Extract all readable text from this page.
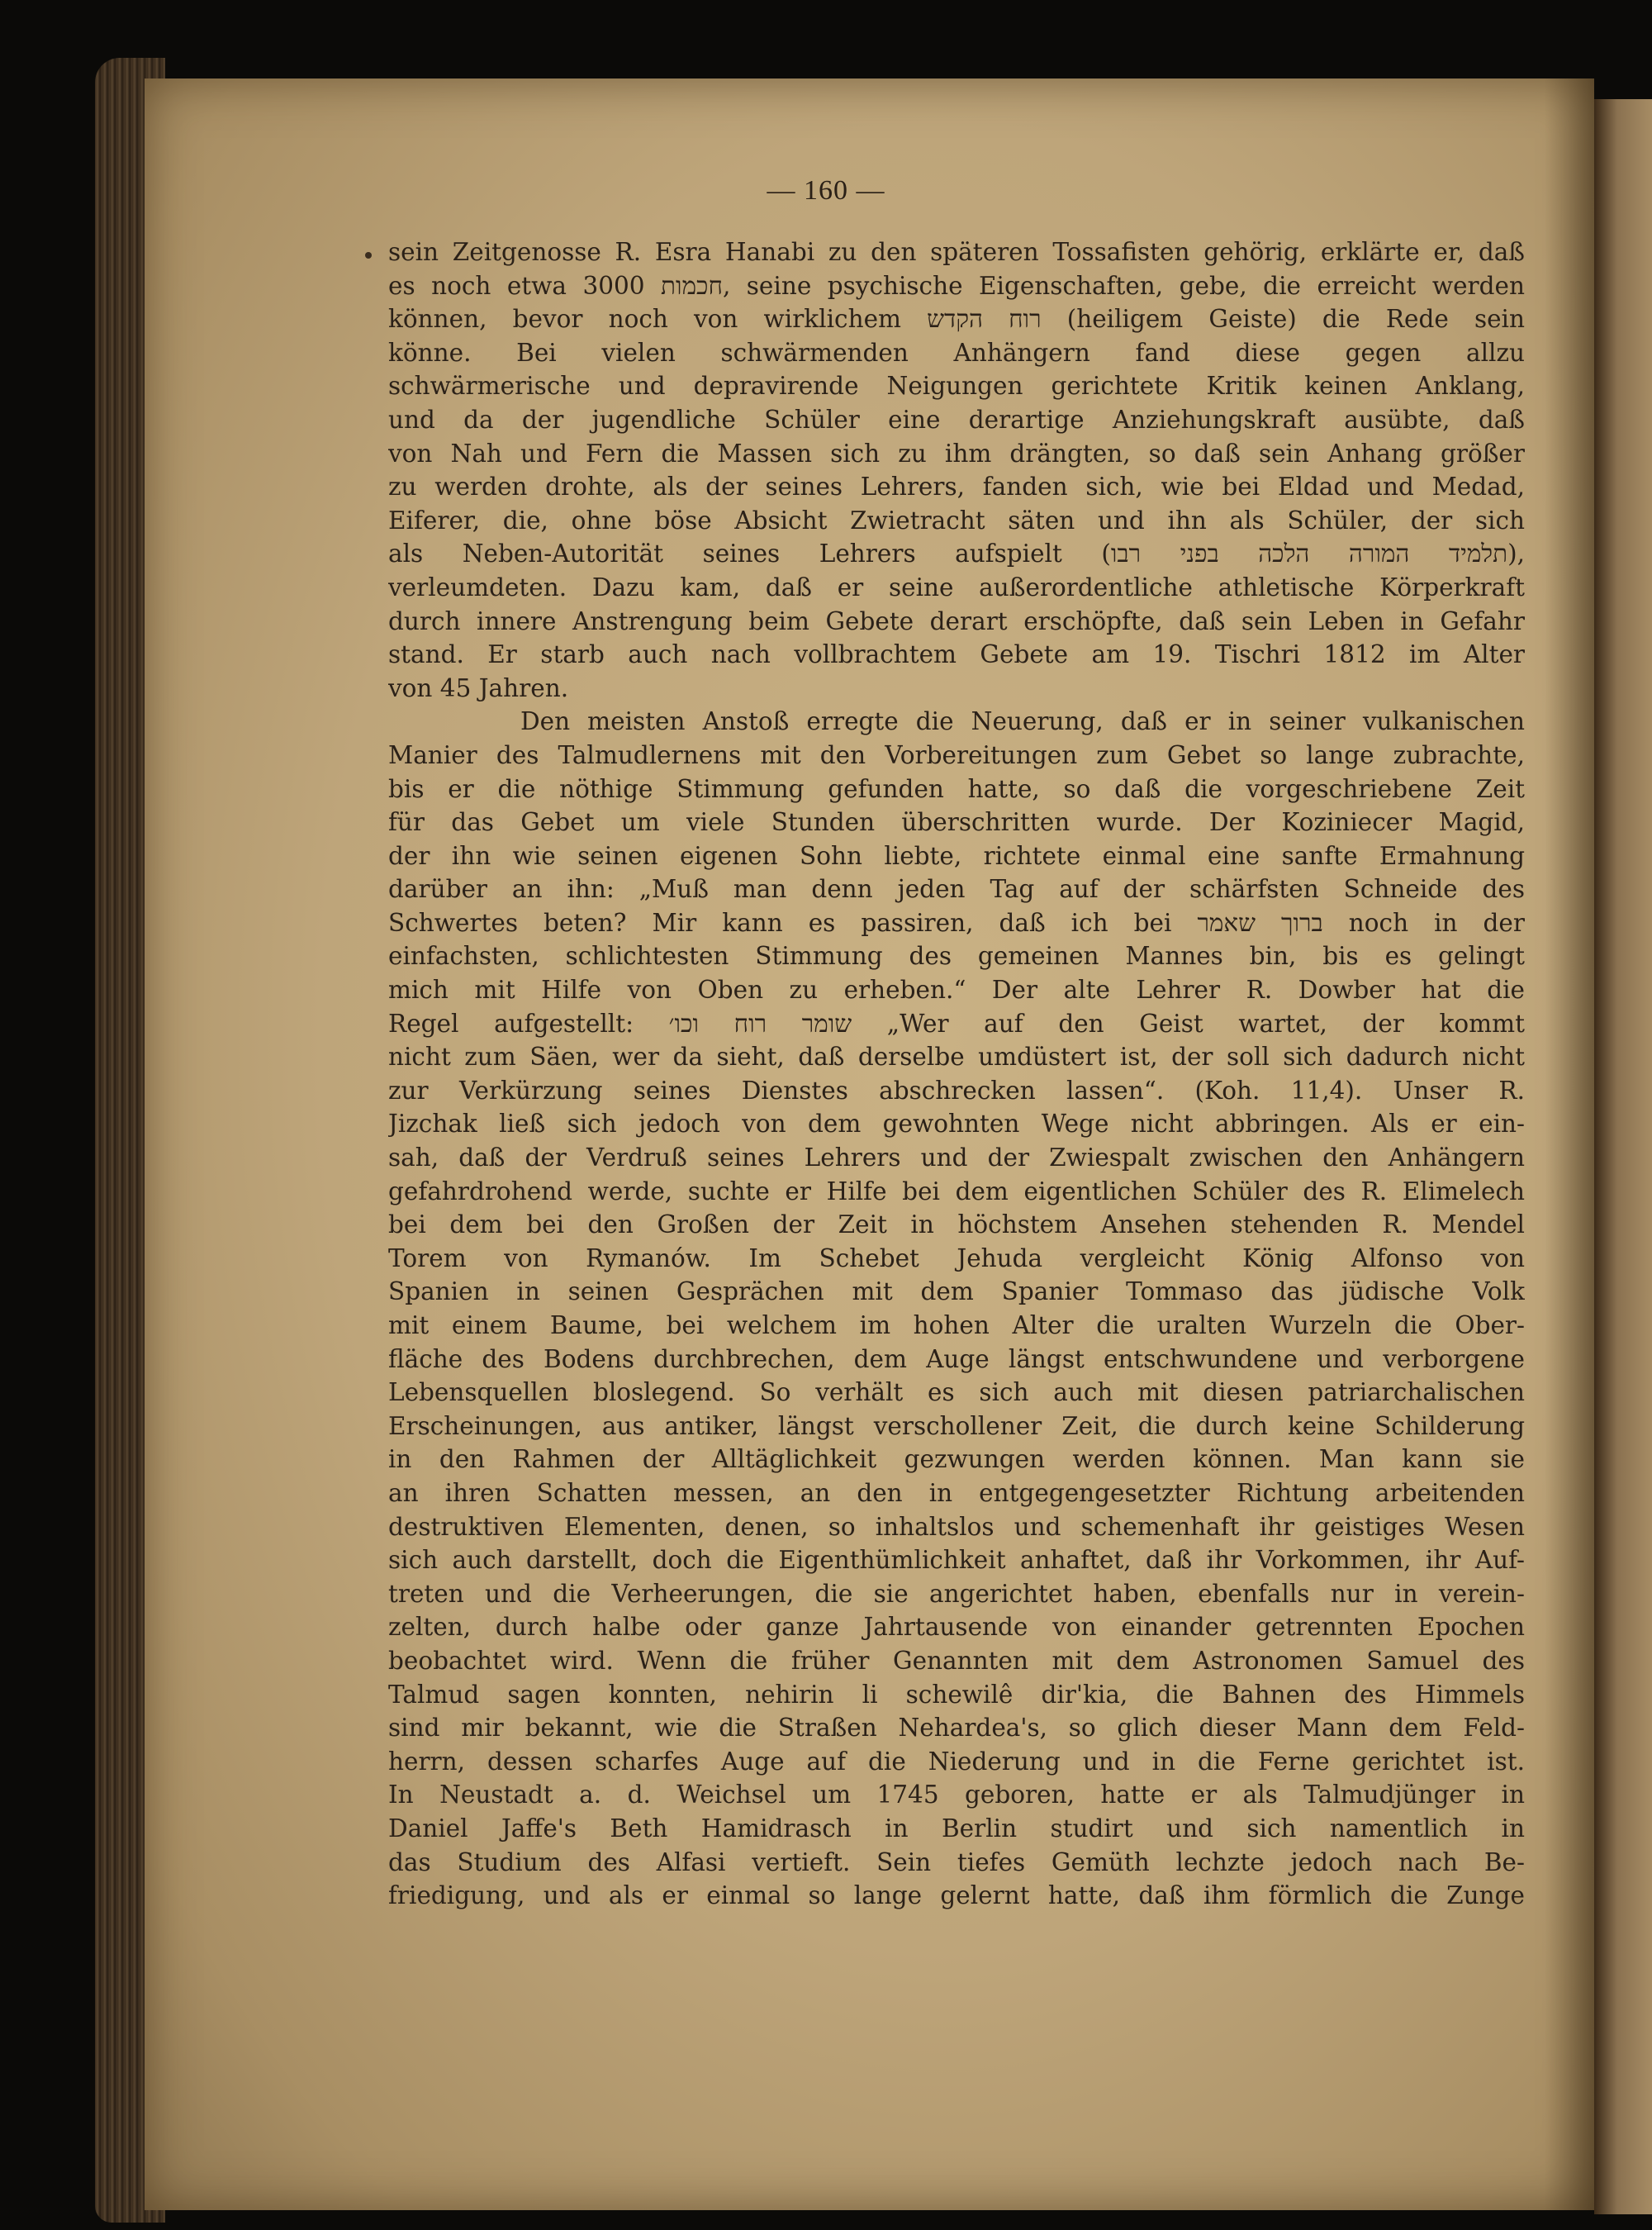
— 160 —
sein Zeitgenosse R. Esra Hanabi zu den späteren Tossafisten gehörig, erklärte er, daß
es noch etwa 3000 חכמות, seine psychische Eigenschaften, gebe, die erreicht werden
können, bevor noch von wirklichem רוח הקדש (heiligem Geiste) die Rede sein
könne. Bei vielen schwärmenden Anhängern fand diese gegen allzu
schwärmerische und depravirende Neigungen gerichtete Kritik keinen Anklang,
und da der jugendliche Schüler eine derartige Anziehungskraft ausübte, daß
von Nah und Fern die Massen sich zu ihm drängten, so daß sein Anhang größer
zu werden drohte, als der seines Lehrers, fanden sich, wie bei Eldad und Medad,
Eiferer, die, ohne böse Absicht Zwietracht säten und ihn als Schüler, der sich
als Neben-Autorität seines Lehrers aufspielt (תלמיד המורה הלכה בפני רבו),
verleumdeten. Dazu kam, daß er seine außerordentliche athletische Körperkraft
durch innere Anstrengung beim Gebete derart erschöpfte, daß sein Leben in Gefahr
stand. Er starb auch nach vollbrachtem Gebete am 19. Tischri 1812 im Alter
von 45 Jahren.
Den meisten Anstoß erregte die Neuerung, daß er in seiner vulkanischen
Manier des Talmudlernens mit den Vorbereitungen zum Gebet so lange zubrachte,
bis er die nöthige Stimmung gefunden hatte, so daß die vorgeschriebene Zeit
für das Gebet um viele Stunden überschritten wurde. Der Koziniecer Magid,
der ihn wie seinen eigenen Sohn liebte, richtete einmal eine sanfte Ermahnung
darüber an ihn: „Muß man denn jeden Tag auf der schärfsten Schneide des
Schwertes beten? Mir kann es passiren, daß ich bei ברוך שאמר noch in der
einfachsten, schlichtesten Stimmung des gemeinen Mannes bin, bis es gelingt
mich mit Hilfe von Oben zu erheben.“ Der alte Lehrer R. Dowber hat die
Regel aufgestellt: שומר רוח וכו׳ „Wer auf den Geist wartet, der kommt
nicht zum Säen, wer da sieht, daß derselbe umdüstert ist, der soll sich dadurch nicht
zur Verkürzung seines Dienstes abschrecken lassen“. (Koh. 11,4). Unser R.
Jizchak ließ sich jedoch von dem gewohnten Wege nicht abbringen. Als er ein-
sah, daß der Verdruß seines Lehrers und der Zwiespalt zwischen den Anhängern
gefahrdrohend werde, suchte er Hilfe bei dem eigentlichen Schüler des R. Elimelech
bei dem bei den Großen der Zeit in höchstem Ansehen stehenden R. Mendel
Torem von Rymanów. Im Schebet Jehuda vergleicht König Alfonso von
Spanien in seinen Gesprächen mit dem Spanier Tommaso das jüdische Volk
mit einem Baume, bei welchem im hohen Alter die uralten Wurzeln die Ober-
fläche des Bodens durchbrechen, dem Auge längst entschwundene und verborgene
Lebensquellen bloslegend. So verhält es sich auch mit diesen patriarchalischen
Erscheinungen, aus antiker, längst verschollener Zeit, die durch keine Schilderung
in den Rahmen der Alltäglichkeit gezwungen werden können. Man kann sie
an ihren Schatten messen, an den in entgegengesetzter Richtung arbeitenden
destruktiven Elementen, denen, so inhaltslos und schemenhaft ihr geistiges Wesen
sich auch darstellt, doch die Eigenthümlichkeit anhaftet, daß ihr Vorkommen, ihr Auf-
treten und die Verheerungen, die sie angerichtet haben, ebenfalls nur in verein-
zelten, durch halbe oder ganze Jahrtausende von einander getrennten Epochen
beobachtet wird. Wenn die früher Genannten mit dem Astronomen Samuel des
Talmud sagen konnten, nehirin li schewilê dir'kia, die Bahnen des Himmels
sind mir bekannt, wie die Straßen Nehardea's, so glich dieser Mann dem Feld-
herrn, dessen scharfes Auge auf die Niederung und in die Ferne gerichtet ist.
In Neustadt a. d. Weichsel um 1745 geboren, hatte er als Talmudjünger in
Daniel Jaffe's Beth Hamidrasch in Berlin studirt und sich namentlich in
das Studium des Alfasi vertieft. Sein tiefes Gemüth lechzte jedoch nach Be-
friedigung, und als er einmal so lange gelernt hatte, daß ihm förmlich die Zunge
